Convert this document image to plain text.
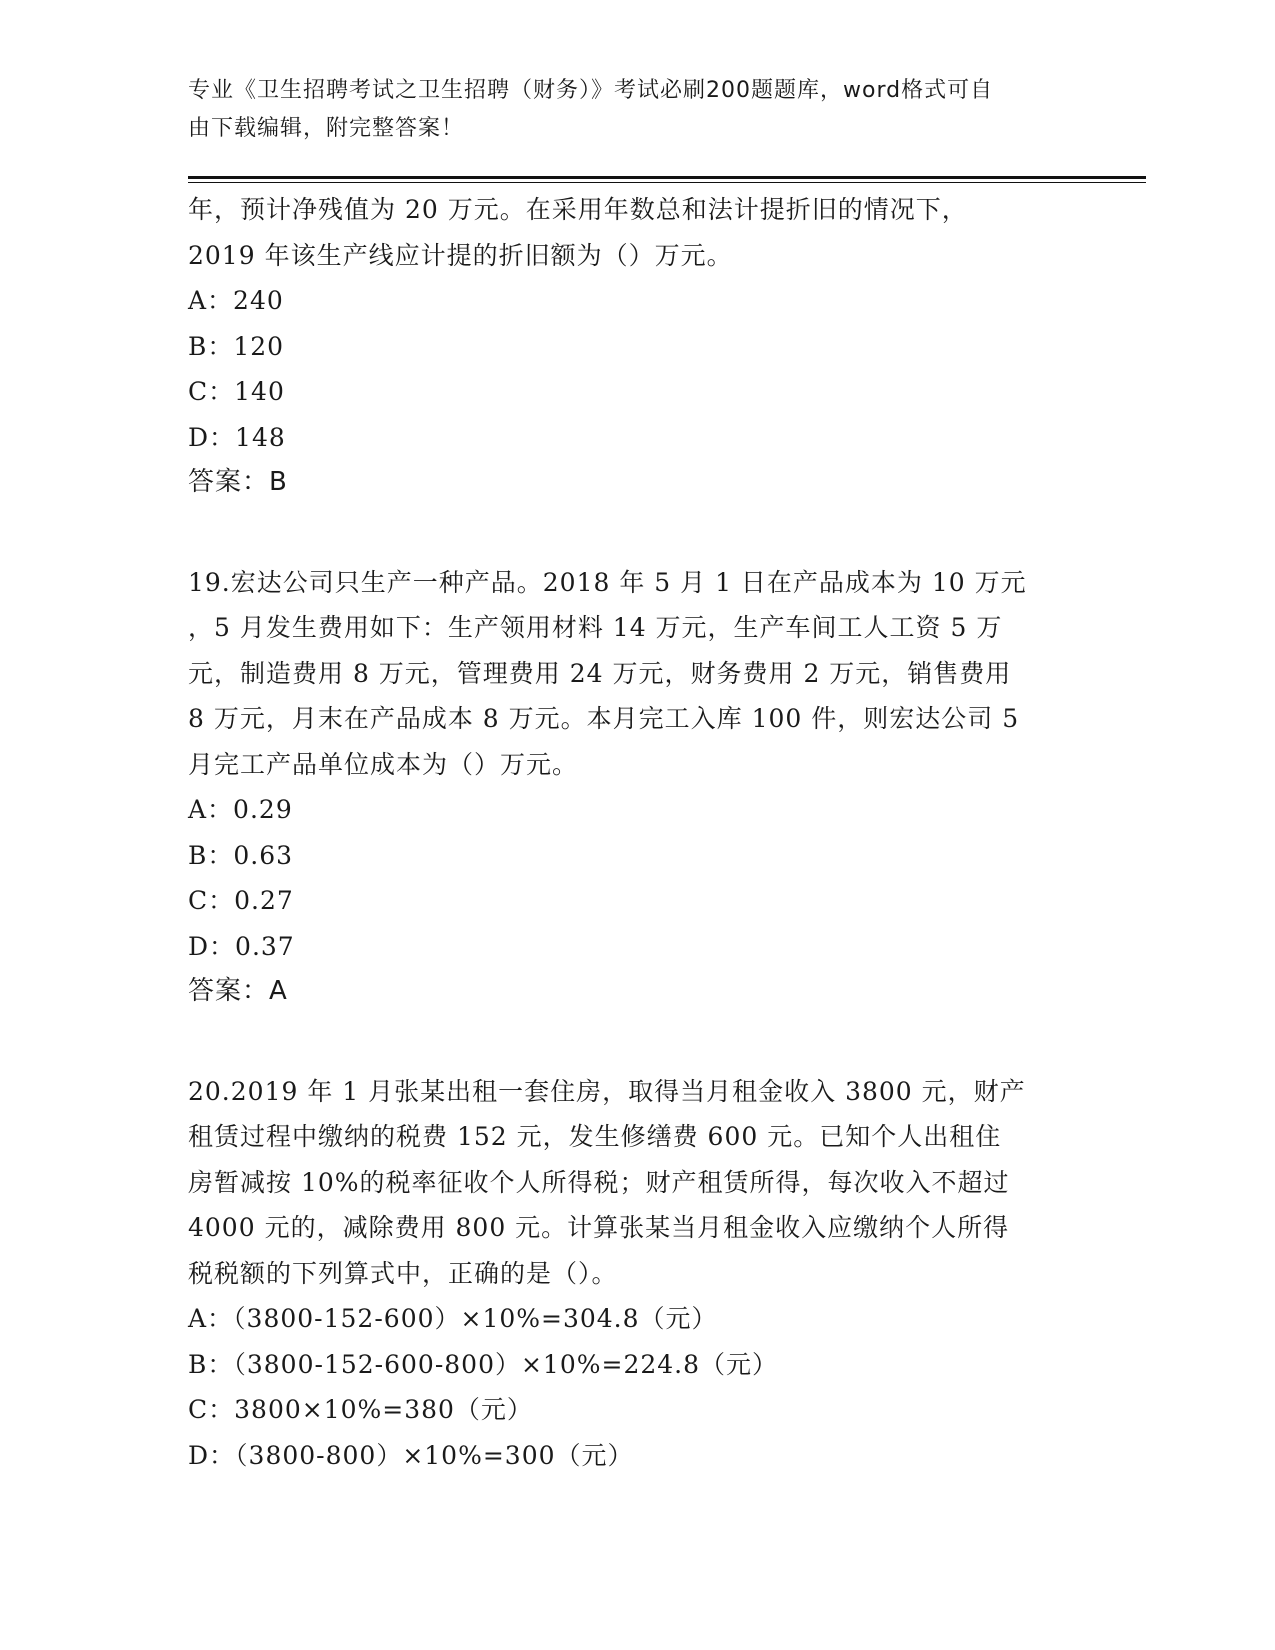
专业《卫生招聘考试之卫生招聘（财务）》考试必刷200题题库，word格式可自
由下载编辑，附完整答案！
年，预计净残值为 20 万元。在采用年数总和法计提折旧的情况下，
2019 年该生产线应计提的折旧额为（）万元。
A：240
B：120
C：140
D：148
答案：B
19.宏达公司只生产一种产品。2018 年 5 月 1 日在产品成本为 10 万元
，5 月发生费用如下：生产领用材料 14 万元，生产车间工人工资 5 万
元，制造费用 8 万元，管理费用 24 万元，财务费用 2 万元，销售费用
8 万元，月末在产品成本 8 万元。本月完工入库 100 件，则宏达公司 5
月完工产品单位成本为（）万元。
A：0.29
B：0.63
C：0.27
D：0.37
答案：A
20.2019 年 1 月张某出租一套住房，取得当月租金收入 3800 元，财产
租赁过程中缴纳的税费 152 元，发生修缮费 600 元。已知个人出租住
房暂减按 10%的税率征收个人所得税；财产租赁所得，每次收入不超过
4000 元的，减除费用 800 元。计算张某当月租金收入应缴纳个人所得
税税额的下列算式中，正确的是（）。
A：（3800-152-600）×10%=304.8（元）
B：（3800-152-600-800）×10%=224.8（元）
C：3800×10%=380（元）
D：（3800-800）×10%=300（元）
